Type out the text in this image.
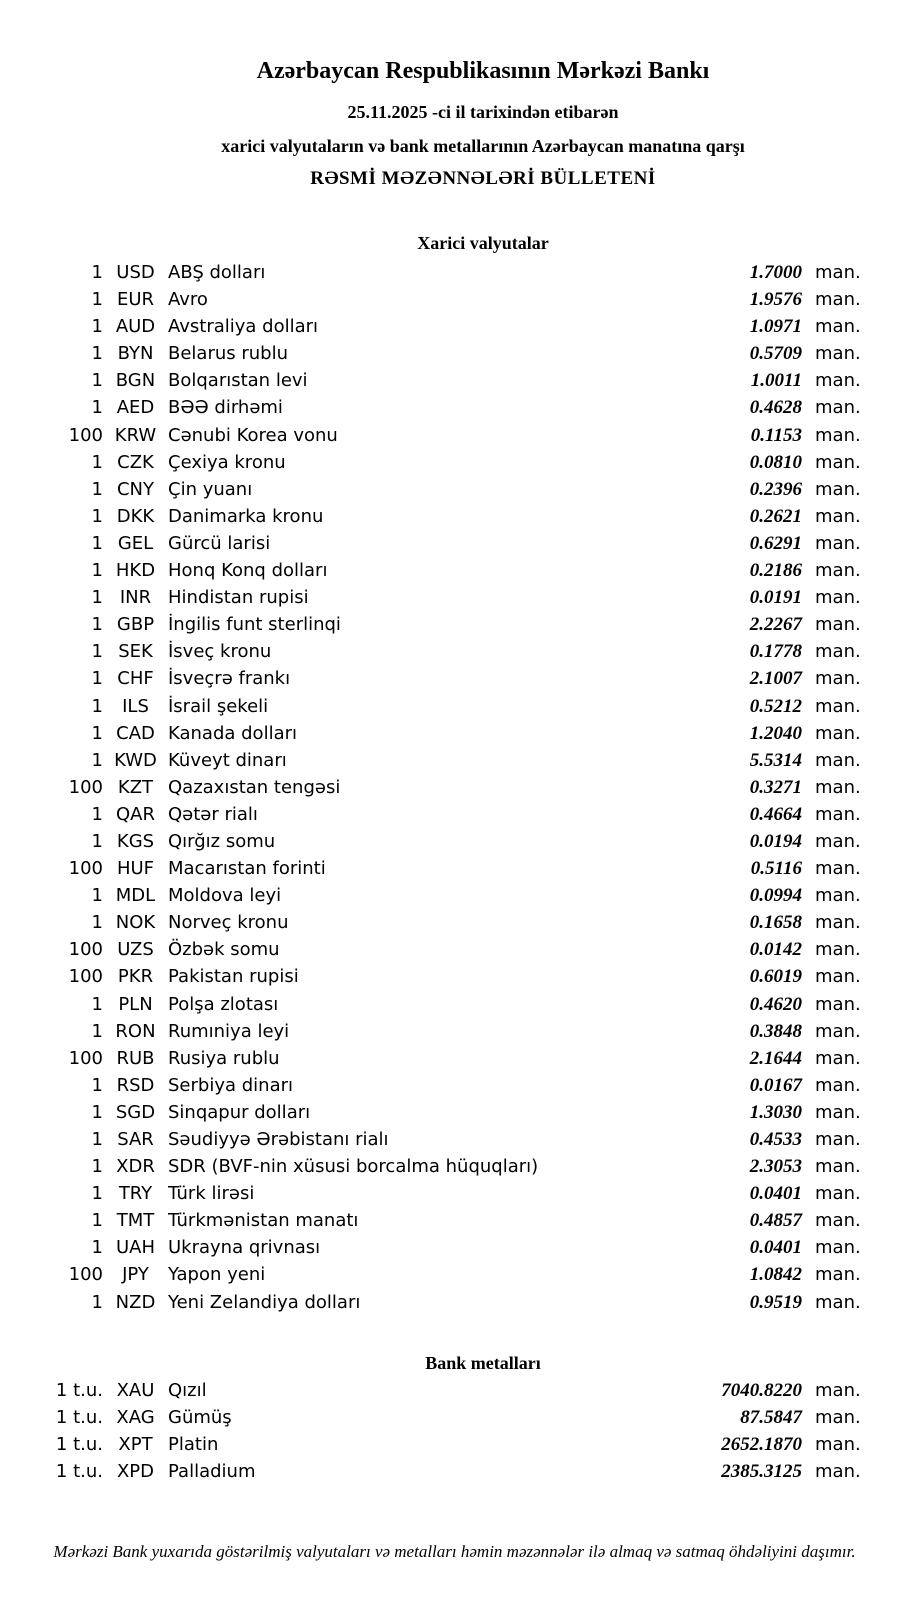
Azərbaycan Respublikasının Mərkəzi Bankı
25.11.2025 -ci il tarixindən etibarən
xarici valyutaların və bank metallarının Azərbaycan manatına qarşı
RƏSMİ MƏZƏNNƏLƏRİ BÜLLETENİ
Xarici valyutalar
1 USD ABŞ dolları	1.7000 man.
1 EUR Avro	1.9576 man.
1 AUD Avstraliya dolları	1.0971 man.
1 BYN Belarus rublu	0.5709 man.
1 BGN Bolqarıstan levi	1.0011 man.
1 AED BƏƏ dirhəmi	0.4628 man.
100 KRW Cənubi Korea vonu	0.1153 man.
1 CZK Çexiya kronu	0.0810 man.
1 CNY Çin yuanı	0.2396 man.
1 DKK Danimarka kronu	0.2621 man.
1 GEL Gürcü larisi	0.6291 man.
1 HKD Honq Konq dolları	0.2186 man.
1 INR Hindistan rupisi	0.0191 man.
1 GBP İngilis funt sterlinqi	2.2267 man.
1 SEK İsveç kronu	0.1778 man.
1 CHF İsveçrə frankı	2.1007 man.
1	ILS	İsrail şekeli	0.5212 man.
1 CAD Kanada dolları	1.2040 man.
1 KWD Küveyt dinarı	5.5314 man.
100 KZT Qazaxıstan tengəsi	0.3271 man.
1 QAR Qətər rialı	0.4664 man.
1 KGS Qırğız somu	0.0194 man.
100 HUF Macarıstan forinti	0.5116 man.
1 MDL Moldova leyi	0.0994 man.
1 NOK Norveç kronu	0.1658 man.
100 UZS Özbək somu	0.0142 man.
100 PKR Pakistan rupisi	0.6019 man.
1 PLN Polşa zlotası	0.4620 man.
1 RON Rumıniya leyi	0.3848 man.
100 RUB Rusiya rublu	2.1644 man.
1 RSD Serbiya dinarı	0.0167 man.
1 SGD Sinqapur dolları	1.3030 man.
1 SAR Səudiyyə Ərəbistanı rialı	0.4533 man.
1 XDR SDR (BVF-nin xüsusi borcalma hüquqları)	2.3053 man.
1 TRY Türk lirəsi	0.0401 man.
1 TMT Türkmənistan manatı	0.4857 man.
1 UAH Ukrayna qrivnası	0.0401 man.
100	JPY	Yapon yeni	1.0842 man.
1 NZD Yeni Zelandiya dolları	0.9519 man.
Bank metalları
1 t.u. XAU Qızıl	7040.8220 man.
1 t.u. XAG Gümüş	87.5847 man.
1 t.u. XPT Platin	2652.1870 man.
1 t.u. XPD Palladium	2385.3125 man.
Mərkəzi Bank yuxarıda göstərilmiş valyutaları və metalları həmin məzənnələr ilə almaq və satmaq öhdəliyini daşımır.
